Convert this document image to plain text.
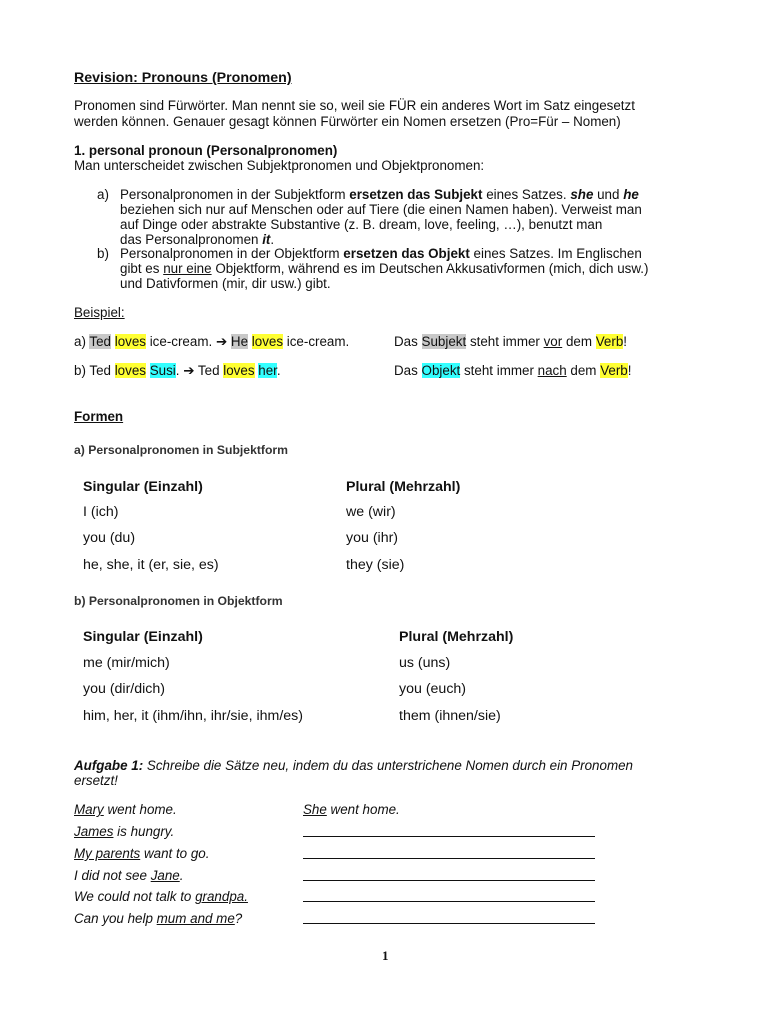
Revision: Pronouns (Pronomen)
Pronomen sind Fürwörter. Man nennt sie so, weil sie FÜR ein anderes Wort im Satz eingesetzt
werden können. Genauer gesagt können Fürwörter ein Nomen ersetzen (Pro=Für – Nomen)
1. personal pronoun (Personalpronomen)
Man unterscheidet zwischen Subjektpronomen und Objektpronomen:
a) Personalpronomen in der Subjektform ersetzen das Subjekt eines Satzes. she und he
beziehen sich nur auf Menschen oder auf Tiere (die einen Namen haben). Verweist man
auf Dinge oder abstrakte Substantive (z. B. dream, love, feeling, …), benutzt man
das Personalpronomen it.
b) Personalpronomen in der Objektform ersetzen das Objekt eines Satzes. Im Englischen
gibt es nur eine Objektform, während es im Deutschen Akkusativformen (mich, dich usw.)
und Dativformen (mir, dir usw.) gibt.
Beispiel:
a) Ted loves ice-cream. ➔ He loves ice-cream.	Das Subjekt steht immer vor dem Verb!
b) Ted loves Susi. ➔ Ted loves her.	Das Objekt steht immer nach dem Verb!
Formen
a) Personalpronomen in Subjektform
Singular (Einzahl)	Plural (Mehrzahl)
I (ich)	we (wir)
you (du)	you (ihr)
he, she, it (er, sie, es)	they (sie)
b) Personalpronomen in Objektform
Singular (Einzahl)	Plural (Mehrzahl)
me (mir/mich)	us (uns)
you (dir/dich)	you (euch)
him, her, it (ihm/ihn, ihr/sie, ihm/es)	them (ihnen/sie)
Aufgabe 1: Schreibe die Sätze neu, indem du das unterstrichene Nomen durch ein Pronomen
ersetzt!
Mary went home.	She went home.
James is hungry.
My parents want to go.
I did not see Jane.
We could not talk to grandpa.
Can you help mum and me?
1
